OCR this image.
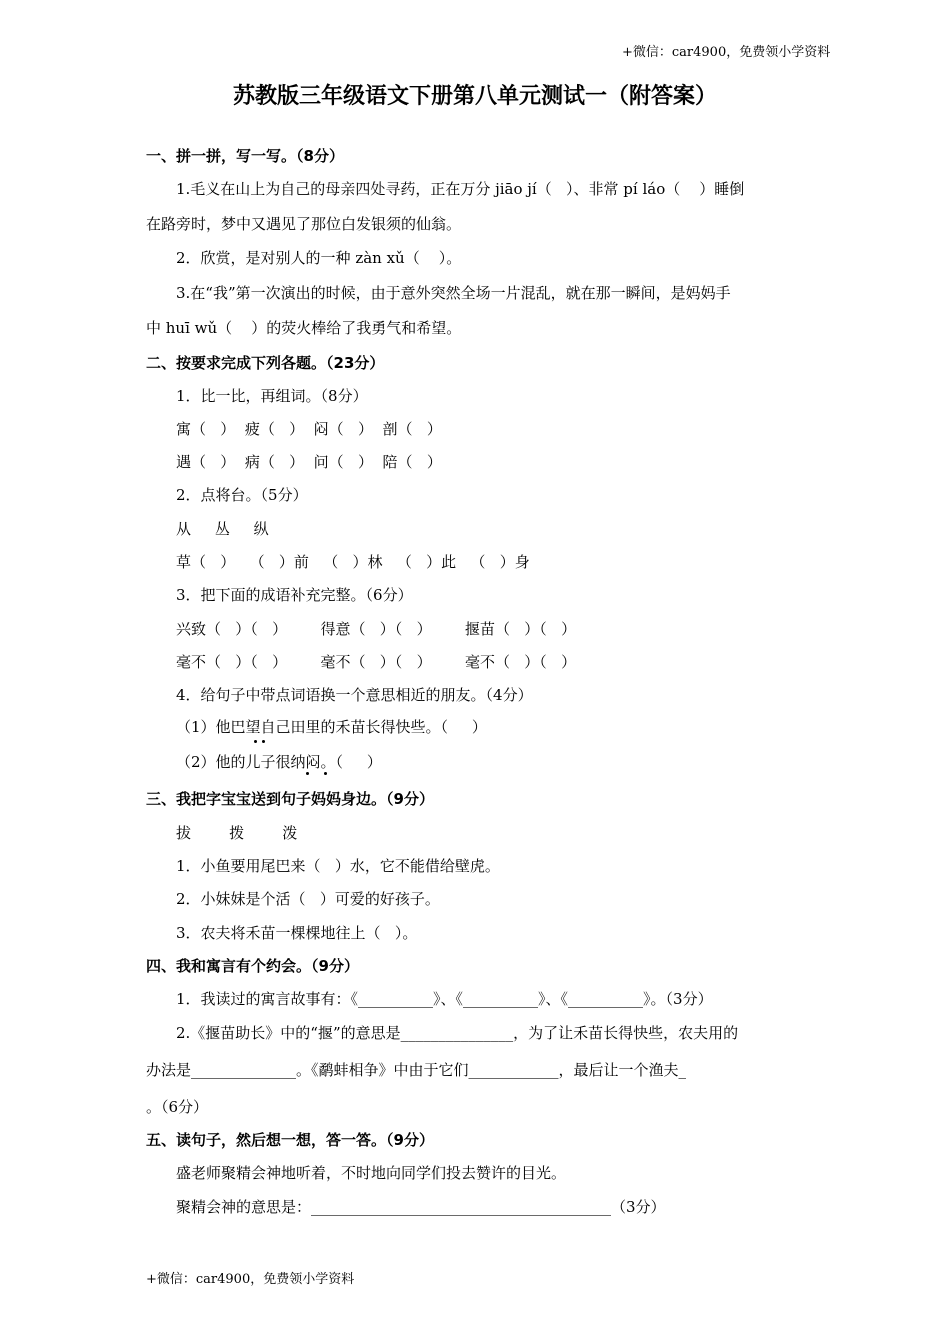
+微信：car4900，免费领小学资料
苏教版三年级语文下册第八单元测试一（附答案）
一、拼一拼，写一写。（8分）
1.毛义在山上为自己的母亲四处寻药，正在万分 jiāo jí（   ）、非常 pí láo（    ）睡倒
在路旁时，梦中又遇见了那位白发银须的仙翁。
2．欣赏，是对别人的一种 zàn xǔ（    ）。
3.在“我”第一次演出的时候，由于意外突然全场一片混乱，就在那一瞬间，是妈妈手
中 huī wǔ（    ）的荧火棒给了我勇气和希望。
二、按要求完成下列各题。（23分）
1．比一比，再组词。（8分）
寓（   ）  疲（   ）  闷（   ）  剖（   ）
遇（   ）  病（   ）  问（   ）  陪（   ）
2．点将台。（5分）
从     丛     纵
草（   ）   （   ）前   （   ）林   （   ）此   （   ）身
3．把下面的成语补充完整。（6分）
兴致（   ）（   ）       得意（   ）（   ）       揠苗（   ）（   ）
毫不（   ）（   ）       毫不（   ）（   ）       毫不（   ）（   ）
4．给句子中带点词语换一个意思相近的朋友。（4分）
（1）他巴望自己田里的禾苗长得快些。（     ）
（2）他的儿子很纳闷。（     ）
三、我把字宝宝送到句子妈妈身边。（9分）
拔        拨        泼
1．小鱼要用尾巴来（   ）水，它不能借给壁虎。
2．小妹妹是个活（   ）可爱的好孩子。
3．农夫将禾苗一棵棵地往上（   ）。
四、我和寓言有个约会。（9分）
1．我读过的寓言故事有：《__________》、《__________》、《__________》。（3分）
2.《揠苗助长》中的“揠”的意思是_______________，为了让禾苗长得快些，农夫用的
办法是______________。《鹬蚌相争》中由于它们____________，最后让一个渔夫_
。（6分）
五、读句子，然后想一想，答一答。（9分）
盛老师聚精会神地听着，不时地向同学们投去赞许的目光。
聚精会神的意思是：________________________________________（3分）
+微信：car4900，免费领小学资料
